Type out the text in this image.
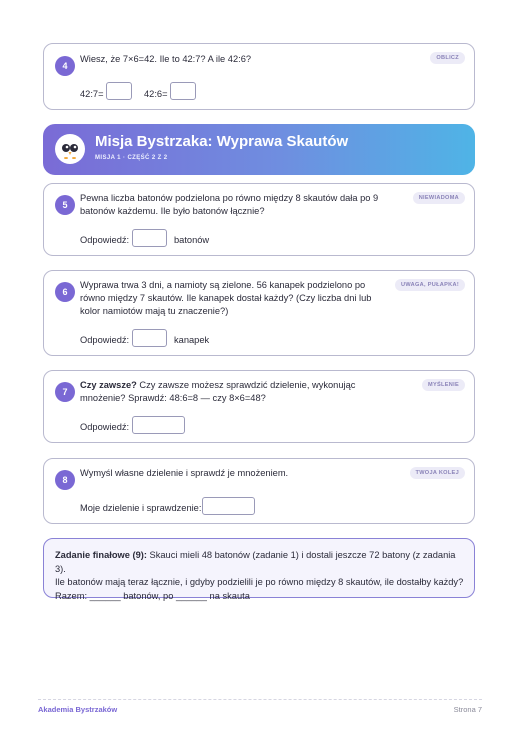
4
Wiesz, że 7×6=42. Ile to 42:7? A ile 42:6?	OBLICZ
42:7=	42:6=
Misja Bystrzaka: Wyprawa Skautów
MISJA 1 · CZĘŚĆ 2 Z 2
5
Pewna liczba batonów podzielona po równo między 8 skautów dała po 9
batonów każdemu. Ile było batonów łącznie?
NIEWIADOMA
Odpowiedź:	batonów
6
Wyprawa trwa 3 dni, a namioty są zielone. 56 kanapek podzielono po
równo między 7 skautów. Ile kanapek dostał każdy? (Czy liczba dni lub
kolor namiotów mają tu znaczenie?)
UWAGA, PUŁAPKA!
Odpowiedź:	kanapek
7
Czy zawsze? Czy zawsze możesz sprawdzić dzielenie, wykonując
mnożenie? Sprawdź: 48:6=8 — czy 8×6=48?
MYŚLENIE
Odpowiedź:
8
Wymyśl własne dzielenie i sprawdź je mnożeniem.	TWOJA KOLEJ
Moje dzielenie i sprawdzenie:
Zadanie finałowe (9): Skauci mieli 48 batonów (zadanie 1) i dostali jeszcze 72 batony (z zadania 3).
Ile batonów mają teraz łącznie, i gdyby podzielili je po równo między 8 skautów, ile dostałby każdy?
Razem: ______ batonów, po ______ na skauta
Akademia Bystrzaków	Strona 7
